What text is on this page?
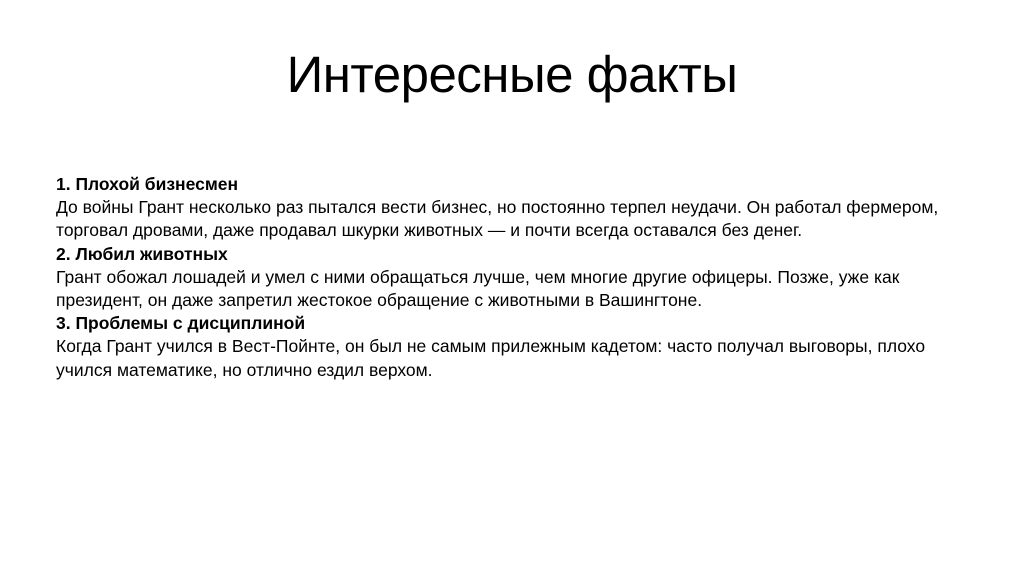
Интересные факты

1. Плохой бизнесмен

До войны Грант несколько раз пытался вести бизнес, но постоянно терпел неудачи. Он работал фермером, торговал дровами, даже продавал шкурки животных — и почти всегда оставался без денег.

2. Любил животных

Грант обожал лошадей и умел с ними обращаться лучше, чем многие другие офицеры. Позже, уже как президент, он даже запретил жестокое обращение с животными в Вашингтоне.

3. Проблемы с дисциплиной

Когда Грант учился в Вест-Пойнте, он был не самым прилежным кадетом: часто получал выговоры, плохо учился математике, но отлично ездил верхом.
